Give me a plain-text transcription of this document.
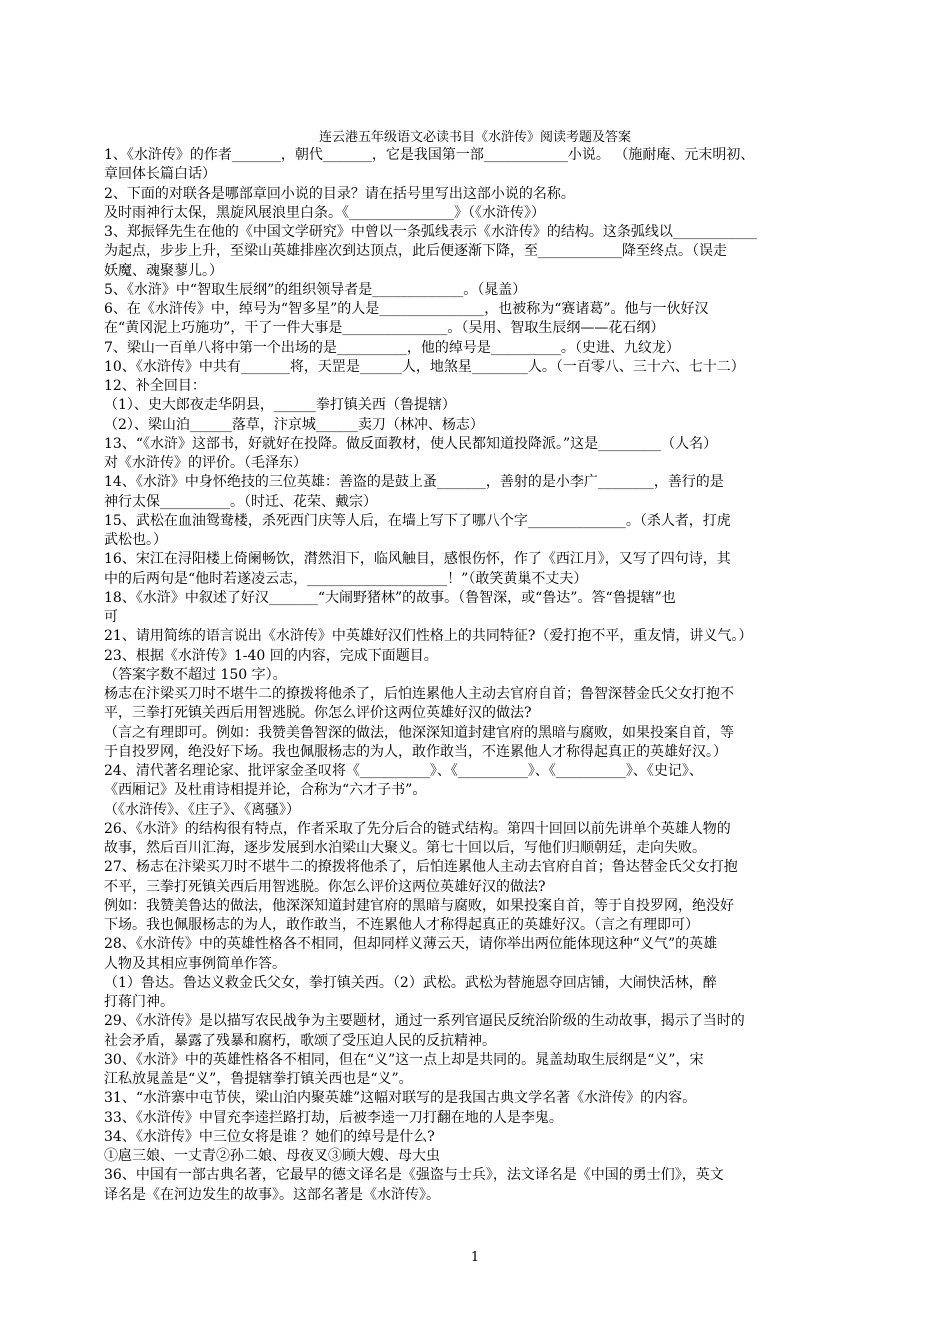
连云港五年级语文必读书目《水浒传》阅读考题及答案
1、《水浒传》的作者_______，朝代_______，它是我国第一部____________小说。 （施耐庵、元末明初、
章回体长篇白话）
2、下面的对联各是哪部章回小说的目录？请在括号里写出这部小说的名称。
及时雨神行太保，黑旋风展浪里白条。《_______________》（《水浒传》）
3、郑振铎先生在他的《中国文学研究》中曾以一条弧线表示《水浒传》的结构。这条弧线以____________
为起点，步步上升，至梁山英雄排座次到达顶点，此后便逐渐下降，至____________降至终点。（误走
妖魔、魂聚蓼儿。）
5、《水浒》中“智取生辰纲”的组织领导者是_____________。（晁盖）
6、在《水浒传》中，绰号为“智多星”的人是_______________，也被称为“赛诸葛”。他与一伙好汉
在“黄冈泥上巧施功”，干了一件大事是_______________。（吴用、智取生辰纲——花石纲）
7、梁山一百单八将中第一个出场的是__________，他的绰号是__________。（史进、九纹龙）
10、《水浒传》中共有_______将，天罡是______人，地煞星________人。（一百零八、三十六、七十二）
12、补全回目：
（1）、史大郎夜走华阴县，______拳打镇关西（鲁提辖）
（2）、梁山泊______落草，汴京城______卖刀（林冲、杨志）
13、“《水浒》这部书，好就好在投降。做反面教材，使人民都知道投降派。”这是_________（人名）
对《水浒传》的评价。（毛泽东）
14、《水浒》中身怀绝技的三位英雄：善盗的是鼓上蚤_______，善射的是小李广________，善行的是
神行太保__________。（时迁、花荣、戴宗）
15、武松在血油鸳鸯楼，杀死西门庆等人后，在墙上写下了哪八个字______________。（杀人者，打虎
武松也。）
16、宋江在浔阳楼上倚阑畅饮，潸然泪下，临风触目，感恨伤怀，作了《西江月》，又写了四句诗，其
中的后两句是“他时若遂凌云志，____________________！”（敢笑黄巢不丈夫）
18、《水浒》中叙述了好汉_______“大闹野猪林”的故事。（鲁智深，或“鲁达”。答“鲁提辖”也
可
21、请用简练的语言说出《水浒传》中英雄好汉们性格上的共同特征?（爱打抱不平，重友情，讲义气。）
23、根据《水浒传》1-40 回的内容，完成下面题目。
（答案字数不超过 150 字）。
杨志在汴梁买刀时不堪牛二的撩拨将他杀了，后怕连累他人主动去官府自首；鲁智深替金氏父女打抱不
平，三拳打死镇关西后用智逃脱。你怎么评价这两位英雄好汉的做法?
（言之有理即可。例如：我赞美鲁智深的做法，他深深知道封建官府的黑暗与腐败，如果投案自首，等
于自投罗网，绝没好下场。我也佩服杨志的为人，敢作敢当，不连累他人才称得起真正的英雄好汉。）
24、清代著名理论家、批评家金圣叹将《__________》、《__________》、《__________》、《史记》、
《西厢记》及杜甫诗相提并论，合称为“六才子书”。
（《水浒传》、《庄子》、《离骚》）
26、《水浒》的结构很有特点，作者采取了先分后合的链式结构。第四十回回以前先讲单个英雄人物的
故事，然后百川汇海，逐步发展到水泊梁山大聚义。第七十回以后，写他们归顺朝廷，走向失败。
27、杨志在汴梁买刀时不堪牛二的撩拨将他杀了，后怕连累他人主动去官府自首；鲁达替金氏父女打抱
不平，三拳打死镇关西后用智逃脱。你怎么评价这两位英雄好汉的做法?
例如：我赞美鲁达的做法，他深深知道封建官府的黑暗与腐败，如果投案自首，等于自投罗网，绝没好
下场。我也佩服杨志的为人，敢作敢当，不连累他人才称得起真正的英雄好汉。（言之有理即可）
28、《水浒传》中的英雄性格各不相同，但却同样义薄云天，请你举出两位能体现这种“义气”的英雄
人物及其相应事例简单作答。
（1）鲁达。鲁达义救金氏父女，拳打镇关西。（2）武松。武松为替施恩夺回店铺，大闹快活林，醉
打蒋门神。
29、《水浒传》是以描写农民战争为主要题材，通过一系列官逼民反统治阶级的生动故事，揭示了当时的
社会矛盾，暴露了残暴和腐朽，歌颂了受压迫人民的反抗精神。
30、《水浒》中的英雄性格各不相同，但在“义”这一点上却是共同的。晁盖劫取生辰纲是“义”，宋
江私放晁盖是“义”，鲁提辖拳打镇关西也是“义”。
31、“水浒寨中屯节侠，梁山泊内聚英雄”这幅对联写的是我国古典文学名著《水浒传》的内容。
33、《水浒传》中冒充李逵拦路打劫，后被李逵一刀打翻在地的人是李鬼。
34、《水浒传》中三位女将是谁 ？她们的绰号是什么?
①扈三娘、一丈青②孙二娘、母夜叉③顾大嫂、母大虫
36、中国有一部古典名著，它最早的德文译名是《强盗与士兵》，法文译名是《中国的勇士们》，英文
译名是《在河边发生的故事》。这部名著是《水浒传》。
1
